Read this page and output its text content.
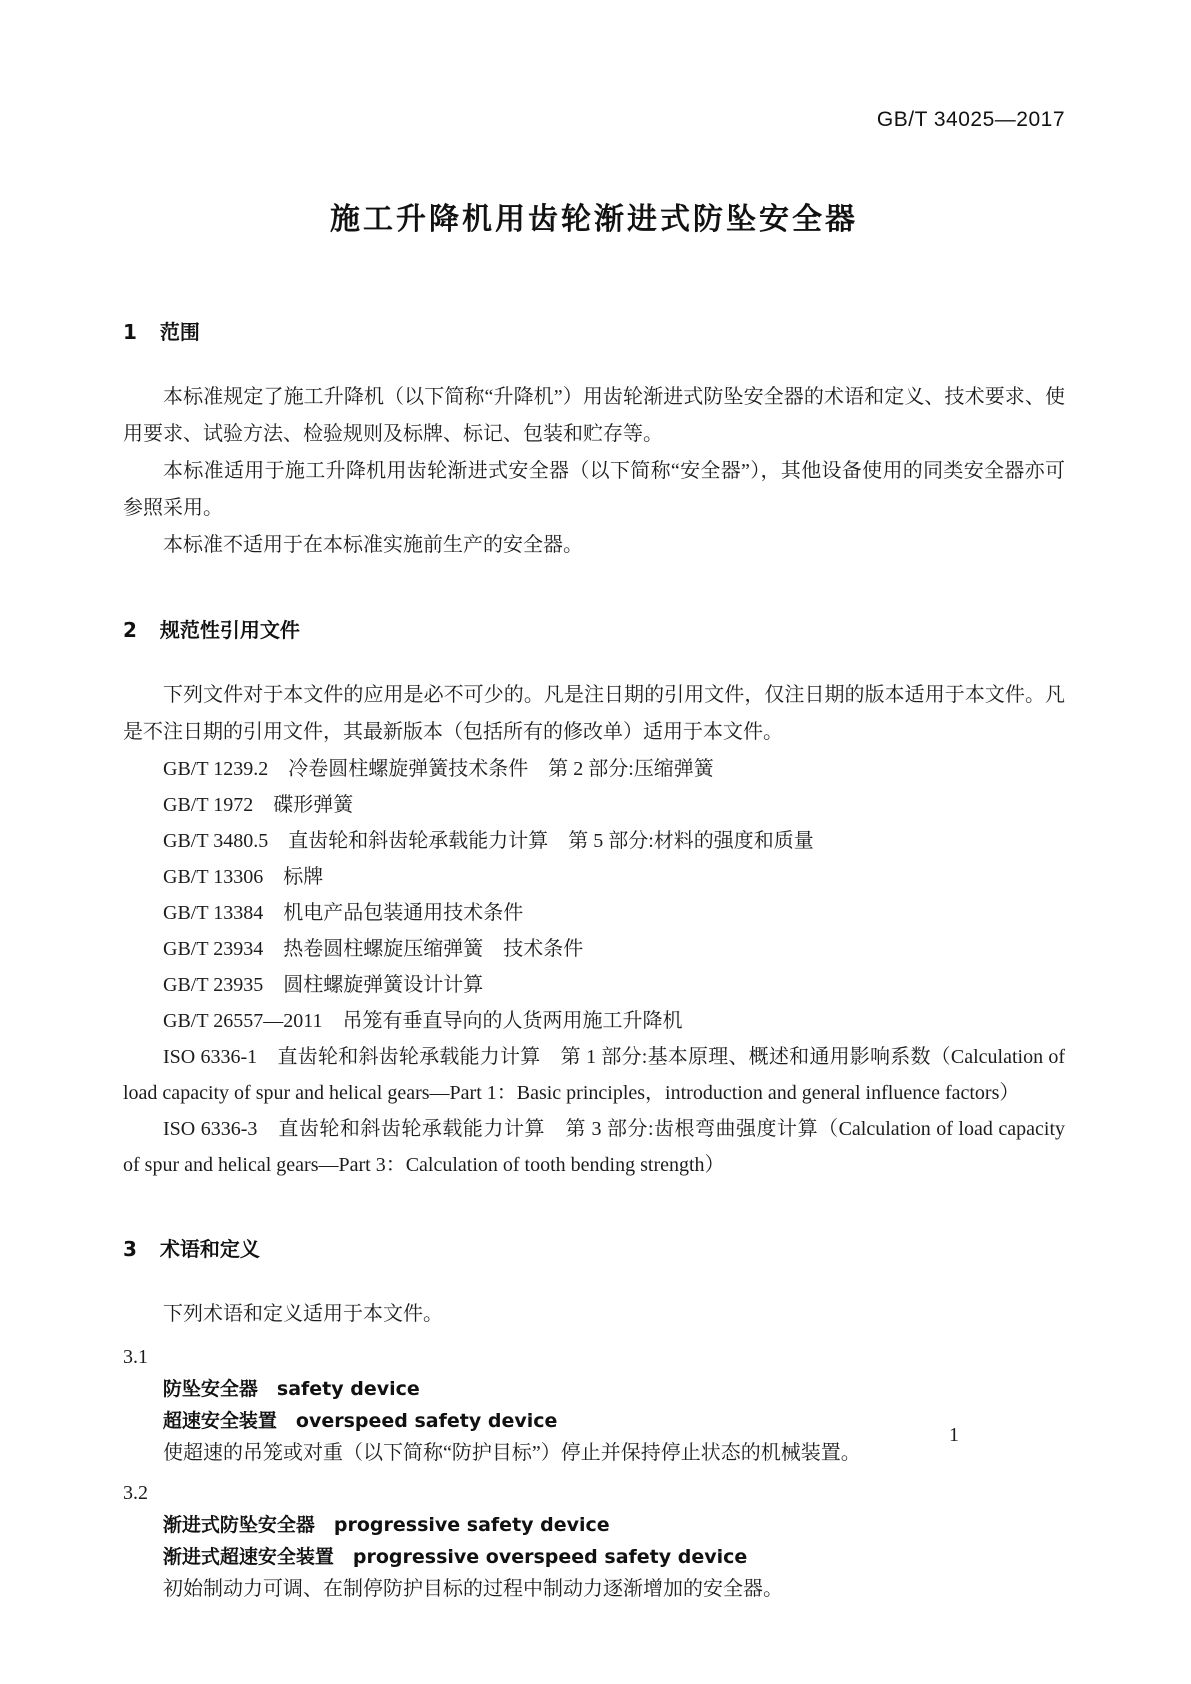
GB/T 34025—2017
施工升降机用齿轮渐进式防坠安全器
1 范围

本标准规定了施工升降机（以下简称“升降机”）用齿轮渐进式防坠安全器的术语和定义、技术要求、使用要求、试验方法、检验规则及标牌、标记、包装和贮存等。

本标准适用于施工升降机用齿轮渐进式安全器（以下简称“安全器”），其他设备使用的同类安全器亦可参照采用。

本标准不适用于在本标准实施前生产的安全器。

2 规范性引用文件

下列文件对于本文件的应用是必不可少的。凡是注日期的引用文件，仅注日期的版本适用于本文件。凡是不注日期的引用文件，其最新版本（包括所有的修改单）适用于本文件。

GB/T 1239.2　冷卷圆柱螺旋弹簧技术条件　第 2 部分:压缩弹簧

GB/T 1972　碟形弹簧

GB/T 3480.5　直齿轮和斜齿轮承载能力计算　第 5 部分:材料的强度和质量

GB/T 13306　标牌

GB/T 13384　机电产品包装通用技术条件

GB/T 23934　热卷圆柱螺旋压缩弹簧　技术条件

GB/T 23935　圆柱螺旋弹簧设计计算

GB/T 26557—2011　吊笼有垂直导向的人货两用施工升降机

ISO 6336-1　直齿轮和斜齿轮承载能力计算　第 1 部分:基本原理、概述和通用影响系数（Calculation of load capacity of spur and helical gears—Part 1：Basic principles，introduction and general influence factors）

ISO 6336-3　直齿轮和斜齿轮承载能力计算　第 3 部分:齿根弯曲强度计算（Calculation of load capacity of spur and helical gears—Part 3：Calculation of tooth bending strength）

3 术语和定义

下列术语和定义适用于本文件。

3.1

防坠安全器　safety device

超速安全装置　overspeed safety device

使超速的吊笼或对重（以下简称“防护目标”）停止并保持停止状态的机械装置。

3.2

渐进式防坠安全器　progressive safety device

渐进式超速安全装置　progressive overspeed safety device

初始制动力可调、在制停防护目标的过程中制动力逐渐增加的安全器。

1
